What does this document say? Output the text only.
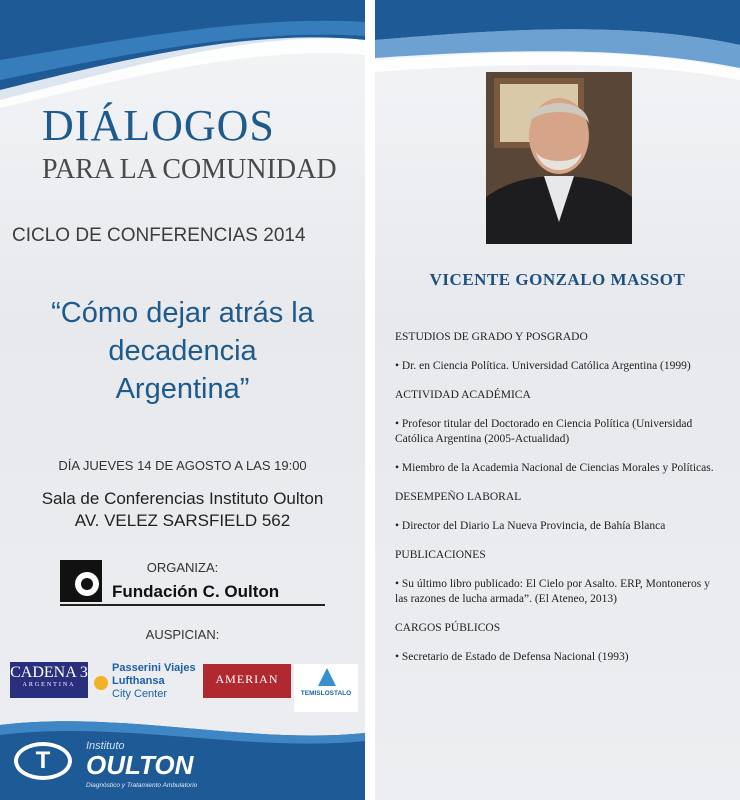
DIÁLOGOS
PARA LA COMUNIDAD
CICLO DE CONFERENCIAS 2014
“Cómo dejar atrás la
decadencia
Argentina”
DÍA JUEVES 14 DE AGOSTO A LAS 19:00
Sala de Conferencias Instituto Oulton
AV. VELEZ SARSFIELD 562
ORGANIZA:
Fundación C. Oulton
AUSPICIAN:
CADENA 3
ARGENTINA
Passerini Viajes
Lufthansa
City Center
AMERIAN
TEMISLOSTALO
T
Instituto
OULTON
Diagnóstico y Tratamiento Ambulatorio
VICENTE GONZALO MASSOT
ESTUDIOS DE GRADO Y POSGRADO
• Dr. en Ciencia Política. Universidad Católica Argentina (1999)
ACTIVIDAD ACADÉMICA
• Profesor titular del Doctorado en Ciencia Política (Universidad Católica Argentina (2005-Actualidad)
• Miembro de la Academia Nacional de Ciencias Morales y Políticas.
DESEMPEÑO LABORAL
• Director del Diario La Nueva Provincia, de Bahía Blanca
PUBLICACIONES
• Su último libro publicado: El Cielo por Asalto. ERP, Montoneros y las razones de lucha armada”. (El Ateneo, 2013)
CARGOS PÚBLICOS
• Secretario de Estado de Defensa Nacional (1993)
